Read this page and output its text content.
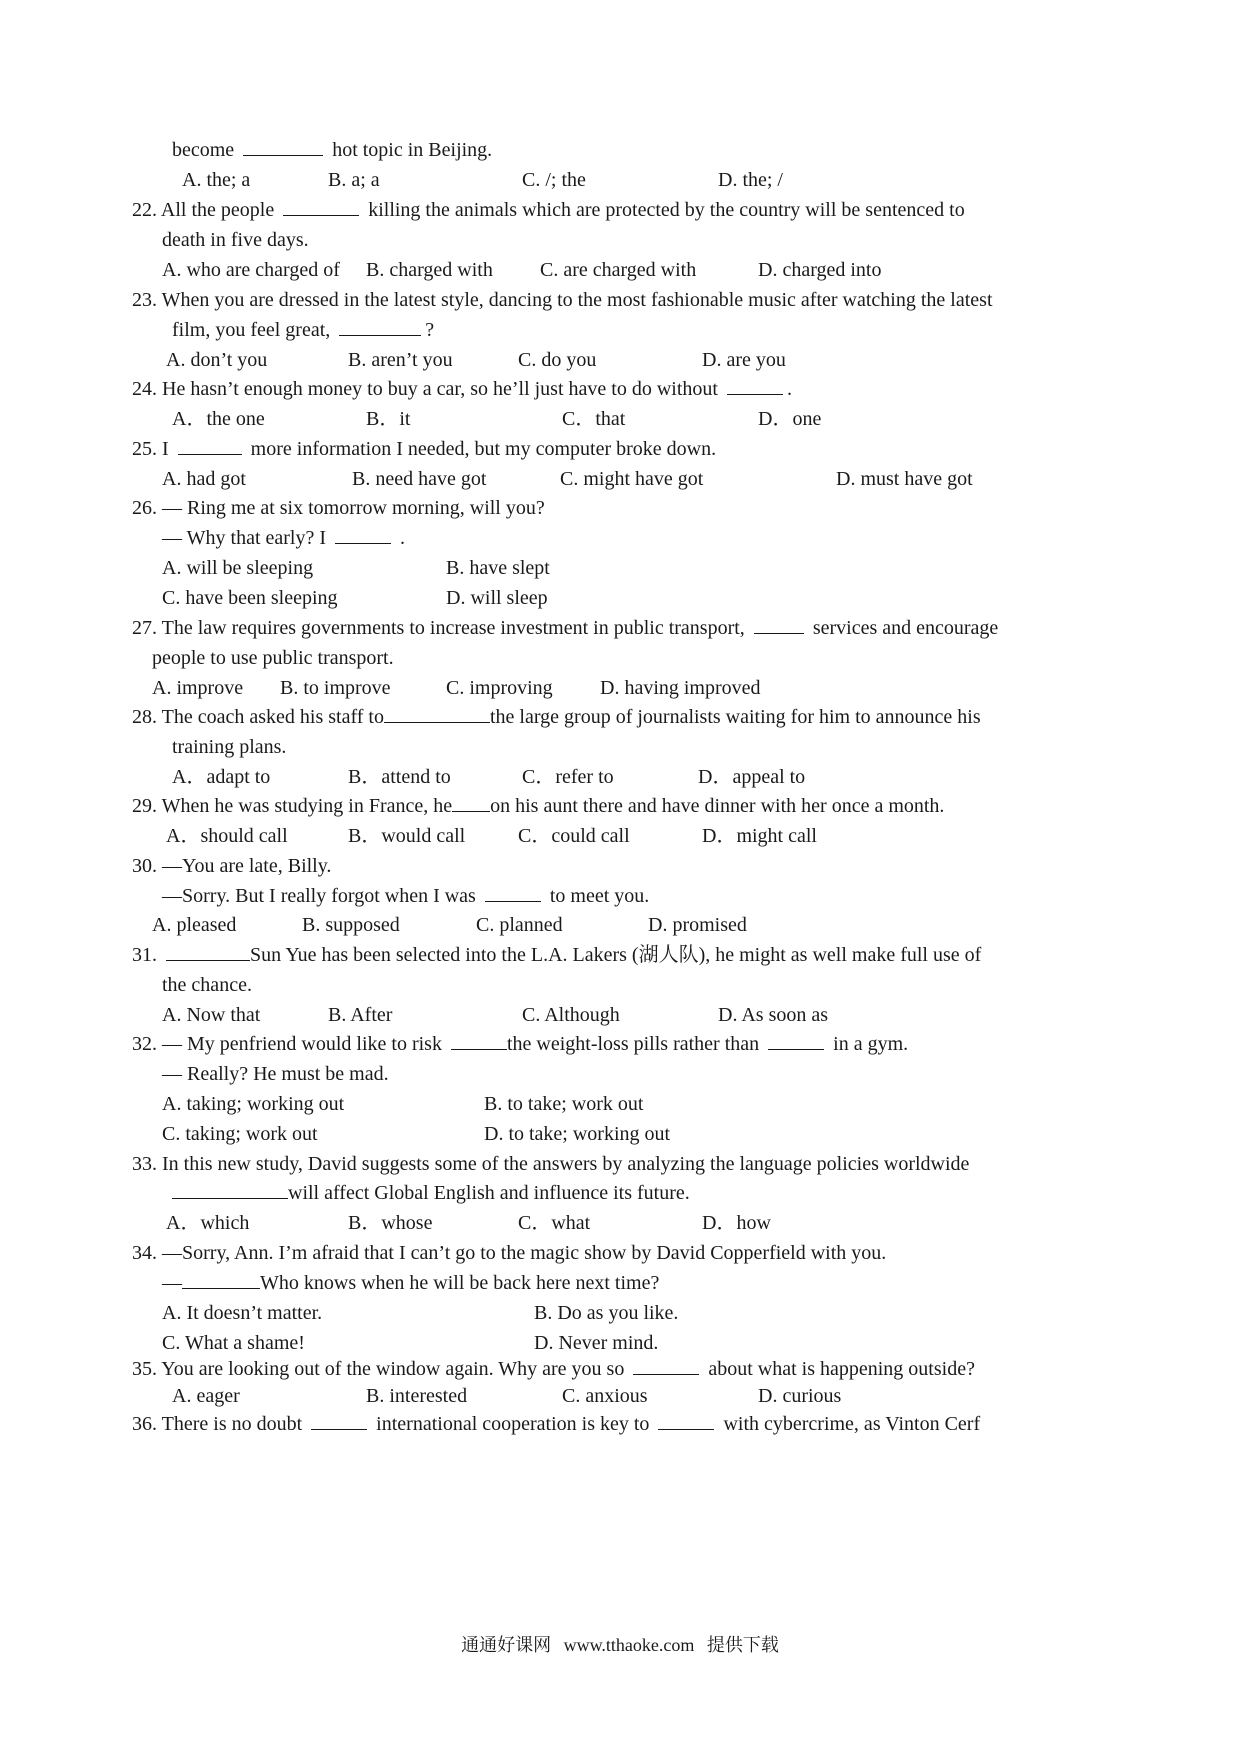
become	hot topic in Beijing.
A. the; a	B. a; a	C. /; the	D. the; /
22. All the people	killing the animals which are protected by the country will be sentenced to
death in five days.
A. who are charged of B. charged with C. are charged with	D. charged into
23. When you are dressed in the latest style, dancing to the most fashionable music after watching the latest
film, you feel great,	?
A. don’t you	B. aren’t you	C. do you	D. are you
24. He hasn’t enough money to buy a car, so he’ll just have to do without	.
A．the one	B．it	C．that	D．one
25. I	more information I needed, but my computer broke down.
A. had got	B. need have got	C. might have got	D. must have got
26. — Ring me at six tomorrow morning, will you?
— Why that early? I	.
A. will be sleeping	B. have slept
C. have been sleeping	D. will sleep
27. The law requires governments to increase investment in public transport,	services and encourage
people to use public transport.
A. improve B. to improve	C. improving D. having improved
28. The coach asked his staff to	the large group of journalists waiting for him to announce his
training plans.
A．adapt to	B．attend to	C．refer to	D．appeal to
29. When he was studying in France, he on his aunt there and have dinner with her once a month.
A．should call	B．would call	C．could call	D．might call
30. —You are late, Billy.
—Sorry. But I really forgot when I was	to meet you.
A. pleased	B. supposed	C. planned	D. promised
31.	Sun Yue has been selected into the L.A. Lakers (湖人队), he might as well make full use of
the chance.
A. Now that	B. After	C. Although	D. As soon as
32. — My penfriend would like to risk	the weight-loss pills rather than	in a gym.
— Really? He must be mad.
A. taking; working out	B. to take; work out
C. taking; work out	D. to take; working out
33. In this new study, David suggests some of the answers by analyzing the language policies worldwide
will affect Global English and influence its future.
A．which	B．whose	C．what	D．how
34. —Sorry, Ann. I’m afraid that I can’t go to the magic show by David Copperfield with you.
—	Who knows when he will be back here next time?
A. It doesn’t matter.	B. Do as you like.
C. What a shame!	D. Never mind.
35. You are looking out of the window again. Why are you so	about what is happening outside?
A. eager	B. interested	C. anxious	D. curious
36. There is no doubt	international cooperation is key to	with cybercrime, as Vinton Cerf
通通好课网 www.tthaoke.com 提供下载
